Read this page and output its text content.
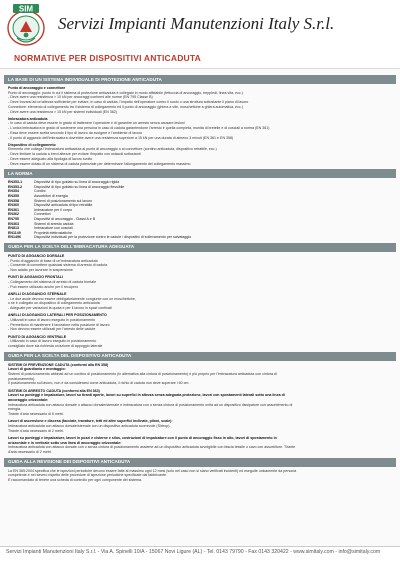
SIM
Servizi Impianti Manutenzioni Italy S.r.l.
NORMATIVE PER DISPOSITIVI ANTICADUTA
LA BASE DI UN SISTEMA INDIVIDUALE DI PROTEZIONE ANTICADUTA
Punto di ancoraggio e connettore
Punto di ancoraggio: punto in cui il sistema di protezione anticaduta è collegato in modo affidabile (fettuccia di ancoraggio, treppiedi, linea vita, ecc.)
- Deve avere una resistenza > 10 kN per ancoraggi conformi alle norme (EN 795 Classe B)
- Deve trovarsi ad un'altezza sufficiente per evitare, in caso di caduta, l'impatto dell'operatore contro il suolo o una struttura sottostante il piano di lavoro
Connettore: elemento di collegamento tra il sistema di collegamento ed il punto di ancoraggio (ghiera a vite, moschettone a ghiera automatica, ecc.)
- Deve avere una resistenza > 15 kN per sistemi individuali (EN 362)
Imbracatura anticaduta
- In caso di caduta deve essere in grado di trattenere l'operatore e di garantire un arresto senza causare lesioni
- L'unica imbracatura in grado di sostenere una persona in caso di caduta garantendone l'arresto è quella completa, munita di bretelle e di cosciali a norma (EN 361)
- Essa deve essere scelta secondo il tipo di lavoro da svolgere e l'ambiente di lavoro
- Il punto di aggancio dell'imbracatura dovrebbe avere una resistenza superiore a 15 kN per una durata di almeno 3 minuti (EN 361 e EN 358)
Dispositivo di collegamento
Elemento che collega l'imbracatura anticaduta al punto di ancoraggio o al connettore (cordino anticaduta, dispositivo retrattile, ecc.)
- Deve limitare la caduta a brevi altezze per evitare l'impatto con ostacoli sottostanti
- Deve essere adeguato alla tipologia di lavoro svolto
- Deve essere dotato di un sistema di caduta potenziale per determinare l'allungamento del collegamento massimo
LA NORMA
EN353-1	Dispositivi di tipo guidato su linea di ancoraggio rigida
EN353-2	Dispositivi di tipo guidato su linea di ancoraggio flessibile
EN354	Cordini
EN355	Assorbitori di energia
EN358	Sistemi di posizionamento sul lavoro
EN360	Dispositivi anticaduta di tipo retrattile
EN361	Imbracature per il corpo
EN362	Connettori
EN795	Dispositivi di ancoraggio - Classi A e B
EN363	Sistemi di arresto caduta
EN813	Imbracature con cosciali
EN1149	Proprietà elettrostatiche
EN1496	Dispositivi individuali per la protezione contro le cadute / dispositivi di sollevamento per salvataggio
GUIDA PER LA SCELTA DELL'IMBRACATURA ADEGUATA
PUNTO DI AGGANCIO DORSALE
- Punto di aggancio di base di un'imbracatura anticaduta
- Consente di connettere qualsiasi sistema di arresto di caduta
- Non adatto per lavorare in sospensione
PUNTI DI AGGANCIO FRONTALI
- Collegamento del sistema di arresto di caduta frontale
- Può essere utilizzato anche per il recupero
ANELLI DI AGGANCIO STERNALE
- Le due asole devono essere obbligatoriamente congiunte con un moschettone,
o se è collegato un dispositivo di collegamento anticaduta
- Adeguate per variazioni la quota e per il lavoro in spazi confinati
ANELLI DI AGGANCIO LATERALI PER POSIZIONAMENTO
- Utilizzati in caso di lavoro eseguito in posizionamento
- Permettono di mantenere il lavoratore nella posizione di lavoro
- Non devono essere utilizzati per l'arresto delle cadute
PUNTO DI AGGANCIO VENTRALE
- Utilizzato in caso di lavoro eseguito in posizionamento
consigliato dove sia richiesta un'azione di appoggio laterale
GUIDA PER LA SCELTA DEL DISPOSITIVO ANTICADUTA
SISTEMI DI PREVENZIONE CADUTA (conformi alla EN 358)
Lavori di guardiania e montaggio:
Sistemi di posizionamento abbinati ad un cordino di posizionamento (in alternativa alla cintura di posizionamento) è più proprio per l'imbracatura anticaduta con cintura di
posizionamento).
Il posizionamento sul lavoro, non è da considerarsi come anticaduta, il richio di caduta non deve superare i 60 cm.
SISTEMI DI ARRESTO CADUTA (conformi alla EN 363)
Lavori su ponteggi e impalcature, lavori su tiranti aperte, lavori su superfici in altezza senza adeguata protezione, lavori con spostamenti laterali sotto una linea di
ancoraggio orizzontale:
Imbracatura anticaduta con attacco dorsale o attacco dorsale/sternale e imbracatura con o senza cintura di posizionamento unita ad un dispositivo dissipatore con assorbimento di
energia.
Tirante d'aria necessario di 6 metri.
Lavori di ascensione e discesa (facciate, travature, tetti ed altre superfici inclinate, piloni, scale):
Imbracatura anticaduta con attacco dorsale/sternale con un dispositivo anticaduta scorrevole (Sirtrop).
Tirante d'aria necessario di 2 metri.
Lavori su ponteggi e impalcature, lavori in pozzi e cisterne e silos, costruzioni di impalcature con il punto di ancoraggio fisso in alto, lavori di spostamento in
orizzontale e in verticale sotto una linea di ancoraggio orizzontale:
Imbracatura anticaduta con attacco dorsale con o senza cintura di posizionamento assieme ad un dispositivo anticaduta avvolgibile con fascia tessile o cavo con assorbitore. Tirante
d'aria necessario di 2 metri.
GUIDA ALLA REVISIONE DEI DISPOSITIVI ANTICADUTA
La EN 365:2004 specifica che le ispezioni periodiche devono essere fatte al massimo ogni 12 mesi (solo nel caso non si siano verificati incidenti) ed eseguite unicamente da persona
competente e nel severo rispetto delle procedure di ispezione periodiche specificate dal fabbricante.
È raccomandato di tenere una scheda di controllo per ogni componente del sistema.
Servizi Impianti Manutenzioni Italy S.r.l. - Via A. Spinelli 10/A - 15067 Novi Ligure (AL) - Tel. 0143 79790 - Fax 0143 320422 - www.simitaly.com - info@simitaly.com
